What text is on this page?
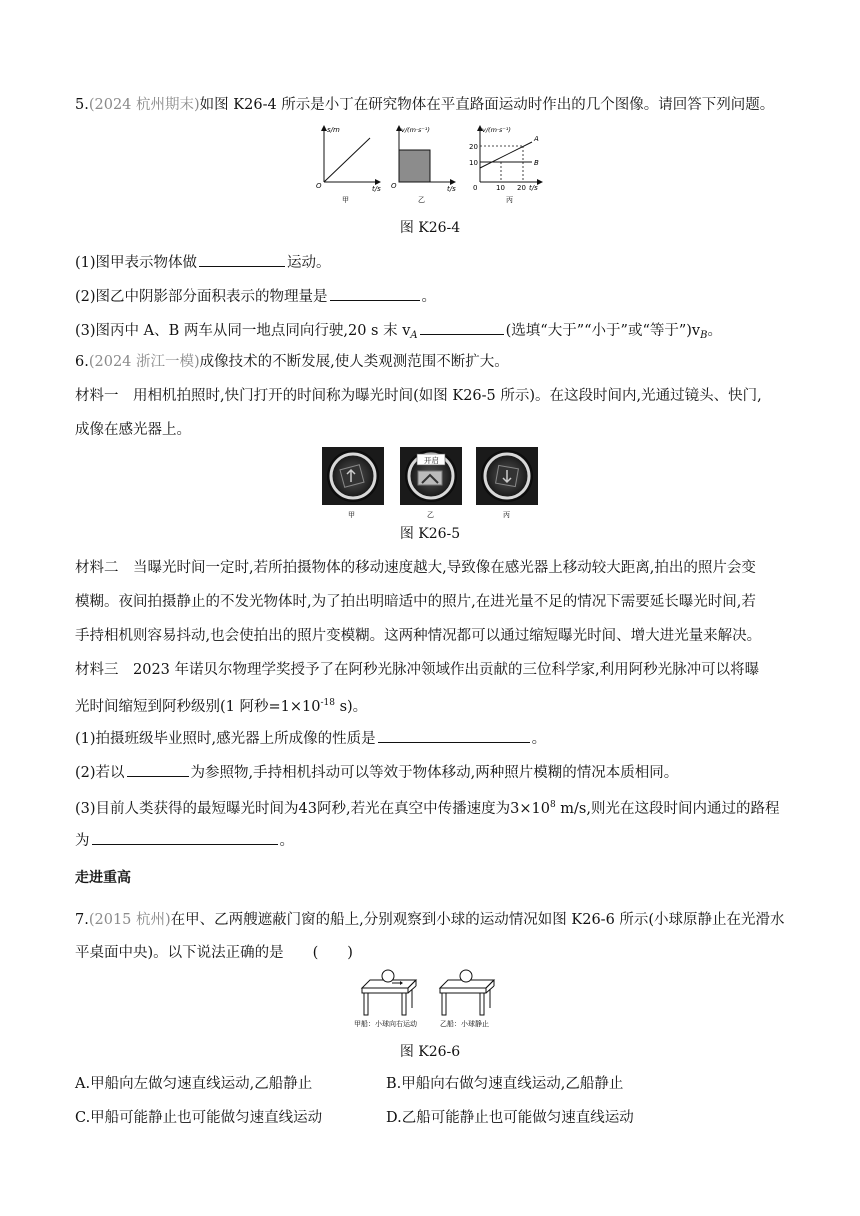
5.(2024 杭州期末)如图 K26-4 所示是小丁在研究物体在平直路面运动时作出的几个图像。请回答下列问题。
s/m
t/s
O
甲
v/(m·s⁻¹)
t/s
O
乙
v/(m·s⁻¹)
20
10
10 20 t/s
0
A
B
丙
图 K26-4
(1)图甲表示物体做	运动。
(2)图乙中阴影部分面积表示的物理量是	。
(3)图丙中 A、B 两车从同一地点同向行驶,20 s 末 $v_A$	(选填“大于”“小于”或“等于$”)v_B$。
6.(2024 浙江一模)成像技术的不断发展,使人类观测范围不断扩大。
材料一　用相机拍照时,快门打开的时间称为曝光时间(如图 K26-5 所示)。在这段时间内,光通过镜头、快门,
成像在感光器上。
甲
开启
乙	丙
图 K26-5
材料二　当曝光时间一定时,若所拍摄物体的移动速度越大,导致像在感光器上移动较大距离,拍出的照片会变
模糊。夜间拍摄静止的不发光物体时,为了拍出明暗适中的照片,在进光量不足的情况下需要延长曝光时间,若
手持相机则容易抖动,也会使拍出的照片变模糊。这两种情况都可以通过缩短曝光时间、增大进光量来解决。
材料三　2023 年诺贝尔物理学奖授予了在阿秒光脉冲领域作出贡献的三位科学家,利用阿秒光脉冲可以将曝
光时间缩短到阿秒级别(1 阿秒$=1\times 10^{-18}$ s)。
(1)拍摄班级毕业照时,感光器上所成像的性质是	。
(2)若以	为参照物,手持相机抖动可以等效于物体移动,两种照片模糊的情况本质相同。
(3)目前人类获得的最短曝光时间为43阿秒,若光在真空中传播速度为$3\times 10^8$ m/s,则光在这段时间内通过的路程
为	。
走进重高
7.(2015 杭州)在甲、乙两艘遮蔽门窗的船上,分别观察到小球的运动情况如图 K26-6 所示(小球原静止在光滑水
平桌面中央)。以下说法正确的是　　(　　)
甲船：小球向右运动	乙船：小球静止
图 K26-6
A.甲船向左做匀速直线运动,乙船静止	B.甲船向右做匀速直线运动,乙船静止
C.甲船可能静止也可能做匀速直线运动	D.乙船可能静止也可能做匀速直线运动
